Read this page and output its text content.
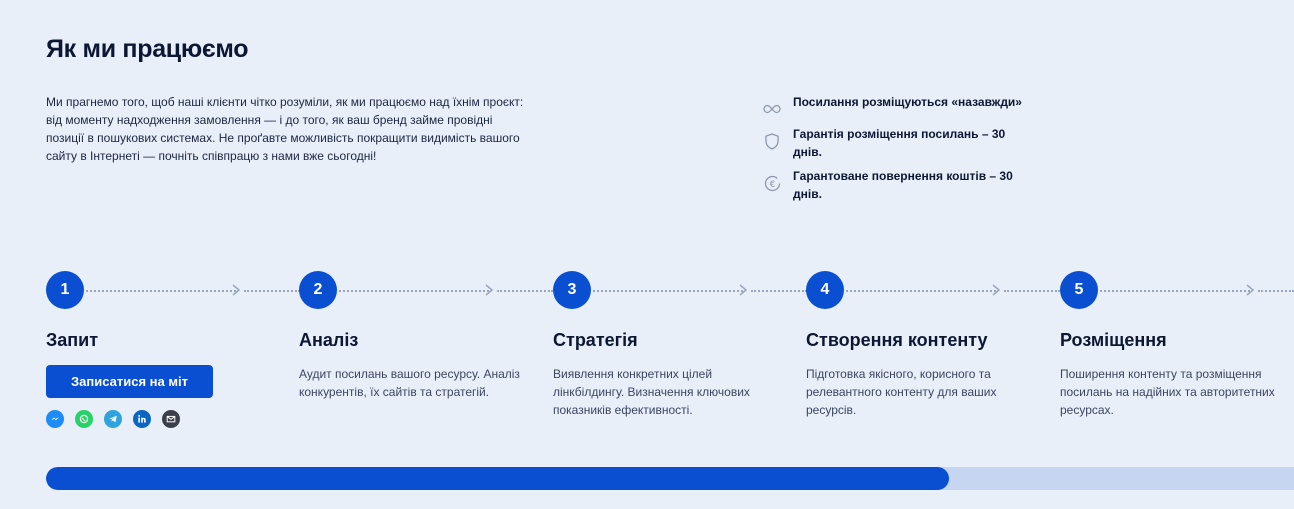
Як ми працюємо

Ми прагнемо того, щоб наші клієнти чітко розуміли, як ми працюємо над їхнім проєкт: від моменту надходження замовлення — і до того, як ваш бренд займе провідні позиції в пошукових системах. Не проґавте можливість покращити видимість вашого сайту в Інтернеті — почніть співпрацю з нами вже сьогодні!

Посилання розміщуються «назавжди»
Гарантія розміщення посилань – 30 днів.
€
Гарантоване повернення коштів – 30 днів.
1
Запит
Записатися на міт
2
Аналіз
Аудит посилань вашого ресурсу. Аналіз конкурентів, їх сайтів та стратегій.
3
Стратегія
Виявлення конкретних цілей лінкбілдингу. Визначення ключових показників ефективності.
4
Створення контенту
Підготовка якісного, корисного та релевантного контенту для ваших ресурсів.
5
Розміщення
Поширення контенту та розміщення посилань на надійних та авторитетних ресурсах.
